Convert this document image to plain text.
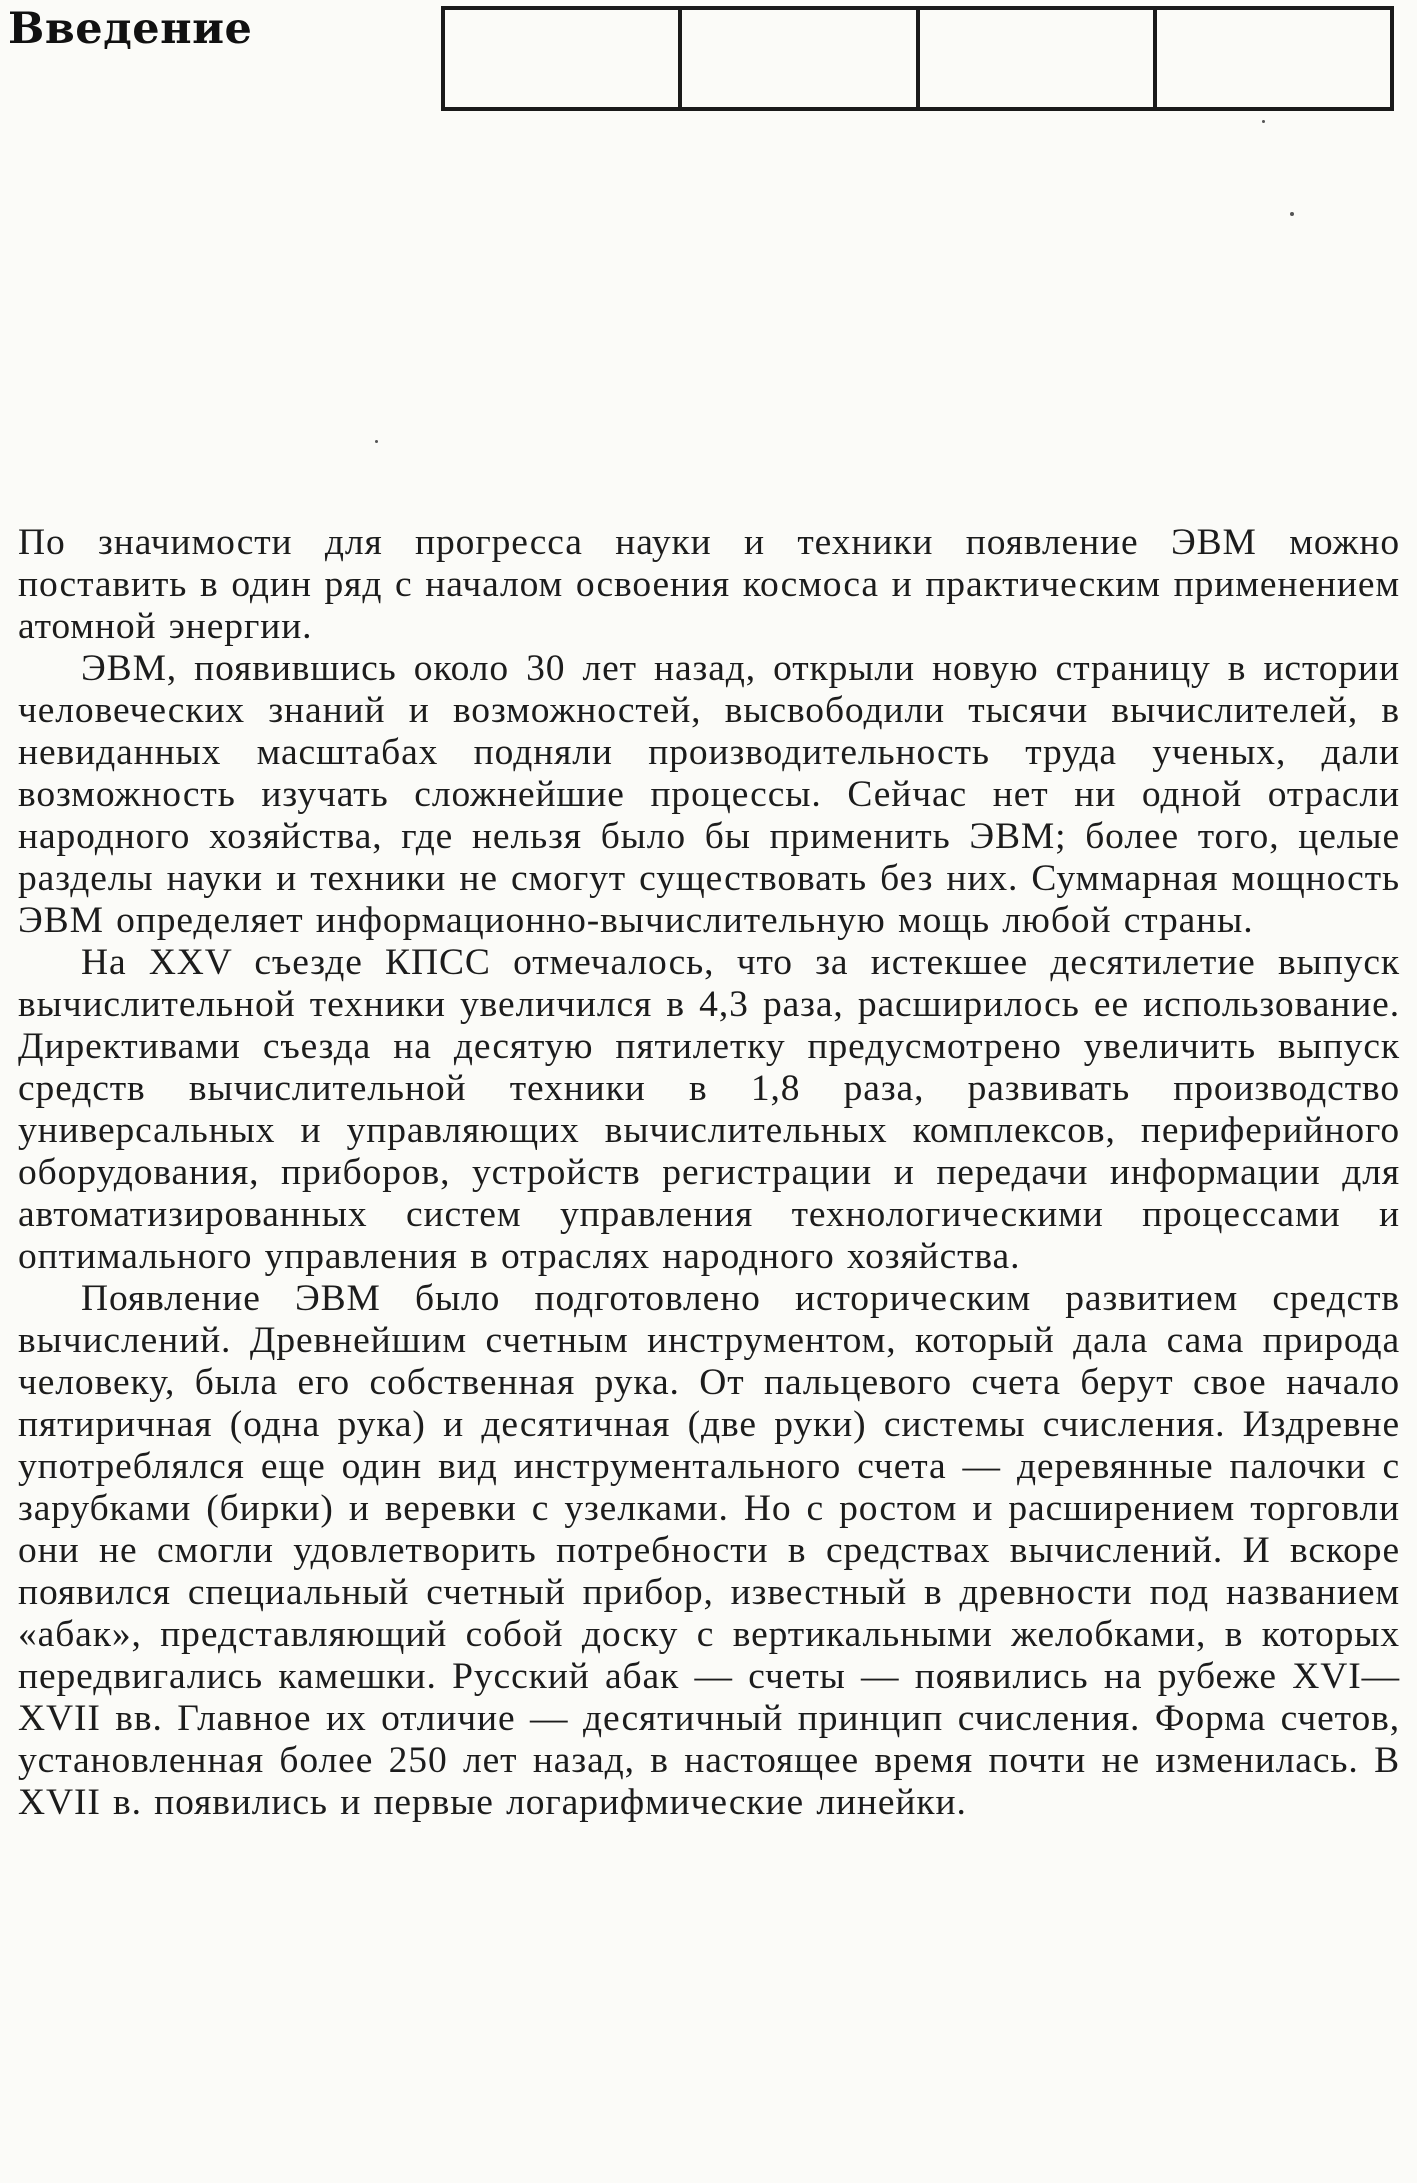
Введение

По значимости для прогресса науки и техники появление ЭВМ можно поставить в один ряд с началом освоения космоса и практическим применением атомной энергии.

ЭВМ, появившись около 30 лет назад, открыли новую страницу в истории человеческих знаний и возможностей, высвободили тысячи вычислителей, в невиданных масштабах подняли производительность труда ученых, дали возможность изучать сложнейшие процессы. Сейчас нет ни одной отрасли народного хозяйства, где нельзя было бы применить ЭВМ; более того, целые разделы науки и техники не смогут существовать без них. Суммарная мощность ЭВМ определяет информационно-вычислительную мощь любой страны.

На XXV съезде КПСС отмечалось, что за истекшее десятилетие выпуск вычислительной техники увеличился в 4,3 раза, расширилось ее использование. Директивами съезда на десятую пятилетку предусмотрено увеличить выпуск средств вычислительной техники в 1,8 раза, развивать производство универсальных и управляющих вычислительных комплексов, периферийного оборудования, приборов, устройств регистрации и передачи информации для автоматизированных систем управления технологическими процессами и оптимального управления в отраслях народного хозяйства.

Появление ЭВМ было подготовлено историческим развитием средств вычислений. Древнейшим счетным инструментом, который дала сама природа человеку, была его собственная рука. От пальцевого счета берут свое начало пятиричная (одна рука) и десятичная (две руки) системы счисления. Издревне употреблялся еще один вид инструментального счета — деревянные палочки с зарубками (бирки) и веревки с узелками. Но с ростом и расширением торговли они не смогли удовлетворить потребности в средствах вычислений. И вскоре появился специальный счетный прибор, известный в древности под названием «абак», представляющий собой доску с вертикальными желобками, в которых передвигались камешки. Русский абак — счеты — появились на рубеже XVI—XVII вв. Главное их отличие — десятичный принцип счисления. Форма счетов, установленная более 250 лет назад, в настоящее время почти не изменилась. В XVII в. появились и первые логарифмические линейки.
